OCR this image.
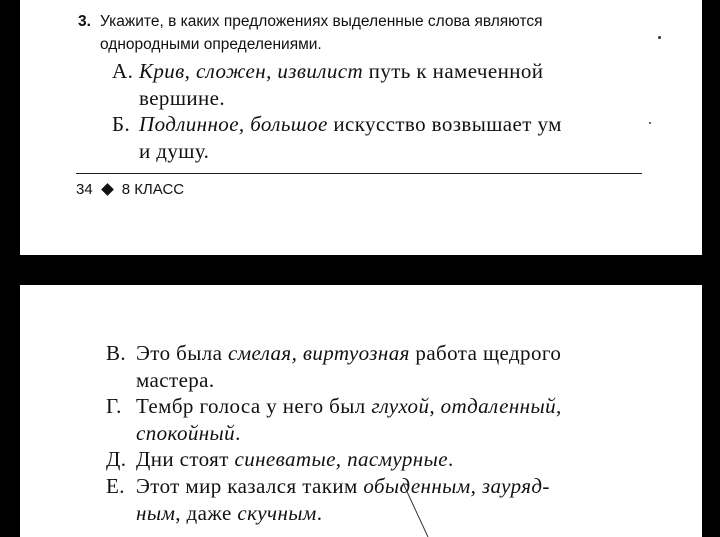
3. Укажите, в каких предложениях выделенные слова являются однородными определениями.
А. Крив, сложен, извилист путь к намеченной
вершине.
Б. Подлинное, большое искусство возвышает ум
и душу.
34 8 КЛАСС
В. Это была смелая, виртуозная работа щедрого
мастера.
Г. Тембр голоса у него был глухой, отдаленный,
спокойный.
Д. Дни стоят синеватые, пасмурные.
Е. Этот мир казался таким обыденным, зауряд-
ным, даже скучным.
